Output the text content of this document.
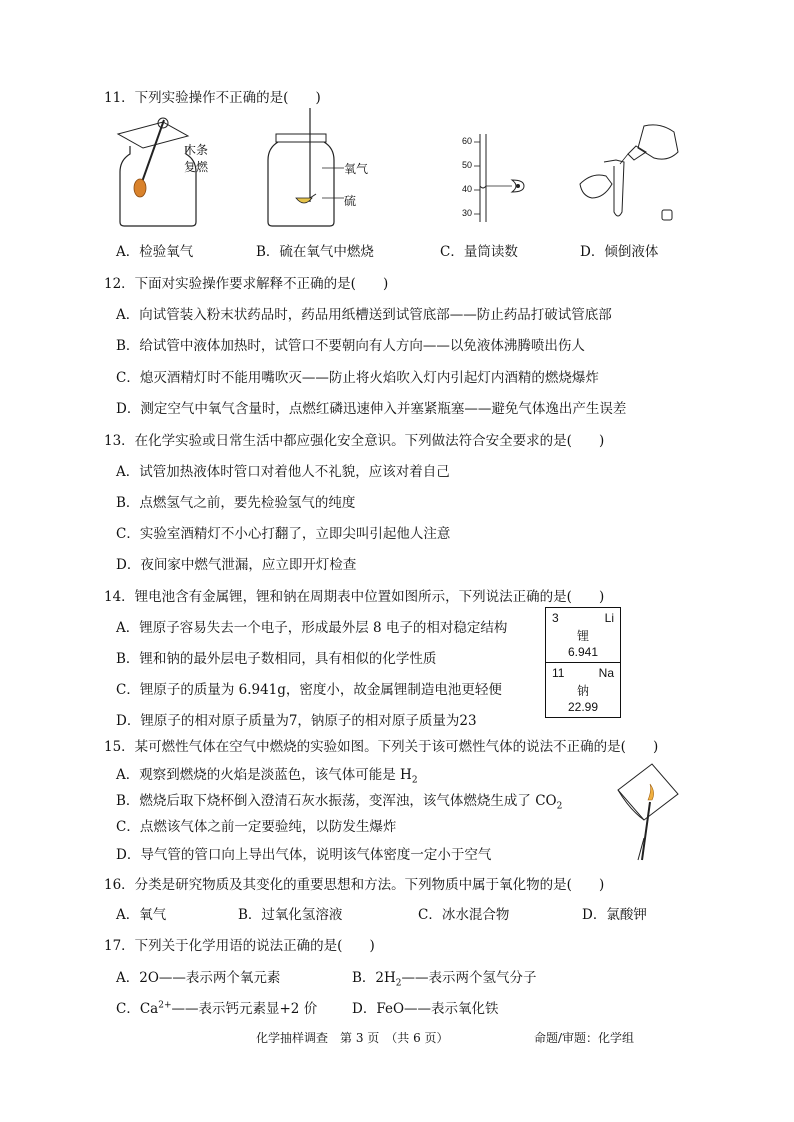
11．下列实验操作不正确的是(　　)
木条
复燃	氧气
硫
60
50
40
30
A．检验氧气	B．硫在氧气中燃烧	C．量筒读数	D．倾倒液体
12．下面对实验操作要求解释不正确的是(　　)
A．向试管装入粉末状药品时，药品用纸槽送到试管底部——防止药品打破试管底部
B．给试管中液体加热时，试管口不要朝向有人方向——以免液体沸腾喷出伤人
C．熄灭酒精灯时不能用嘴吹灭——防止将火焰吹入灯内引起灯内酒精的燃烧爆炸
D．测定空气中氧气含量时，点燃红磷迅速伸入并塞紧瓶塞——避免气体逸出产生误差
13．在化学实验或日常生活中都应强化安全意识。下列做法符合安全要求的是(　　)
A．试管加热液体时管口对着他人不礼貌，应该对着自己
B．点燃氢气之前，要先检验氢气的纯度
C．实验室酒精灯不小心打翻了，立即尖叫引起他人注意
D．夜间家中燃气泄漏，应立即开灯检查
14．锂电池含有金属锂，锂和钠在周期表中位置如图所示，下列说法正确的是(　　)
A．锂原子容易失去一个电子，形成最外层 8 电子的相对稳定结构
B．锂和钠的最外层电子数相同，具有相似的化学性质
C．锂原子的质量为 6.941g，密度小，故金属锂制造电池更轻便
D．锂原子的相对原子质量为7，钠原子的相对原子质量为23
3	Li
锂
6.941
11	Na
钠
22.99
15．某可燃性气体在空气中燃烧的实验如图。下列关于该可燃性气体的说法不正确的是(　　)
A．观察到燃烧的火焰是淡蓝色，该气体可能是 $H_2$
B．燃烧后取下烧杯倒入澄清石灰水振荡，变浑浊，该气体燃烧生成了 $CO_2$
C．点燃该气体之前一定要验纯，以防发生爆炸
D．导气管的管口向上导出气体，说明该气体密度一定小于空气
16．分类是研究物质及其变化的重要思想和方法。下列物质中属于氧化物的是(　　)
A．氧气	B．过氧化氢溶液	C．冰水混合物	D．氯酸钾
17．下列关于化学用语的说法正确的是(　　)
A．2O——表示两个氧元素	B．$2H_2——$表示两个氢气分子
C．$Ca^{2+}——$表示钙元素显+2 价	D．FeO——表示氧化铁
化学抽样调查　第 3 页　（共 6 页）	命题/审题：化学组
